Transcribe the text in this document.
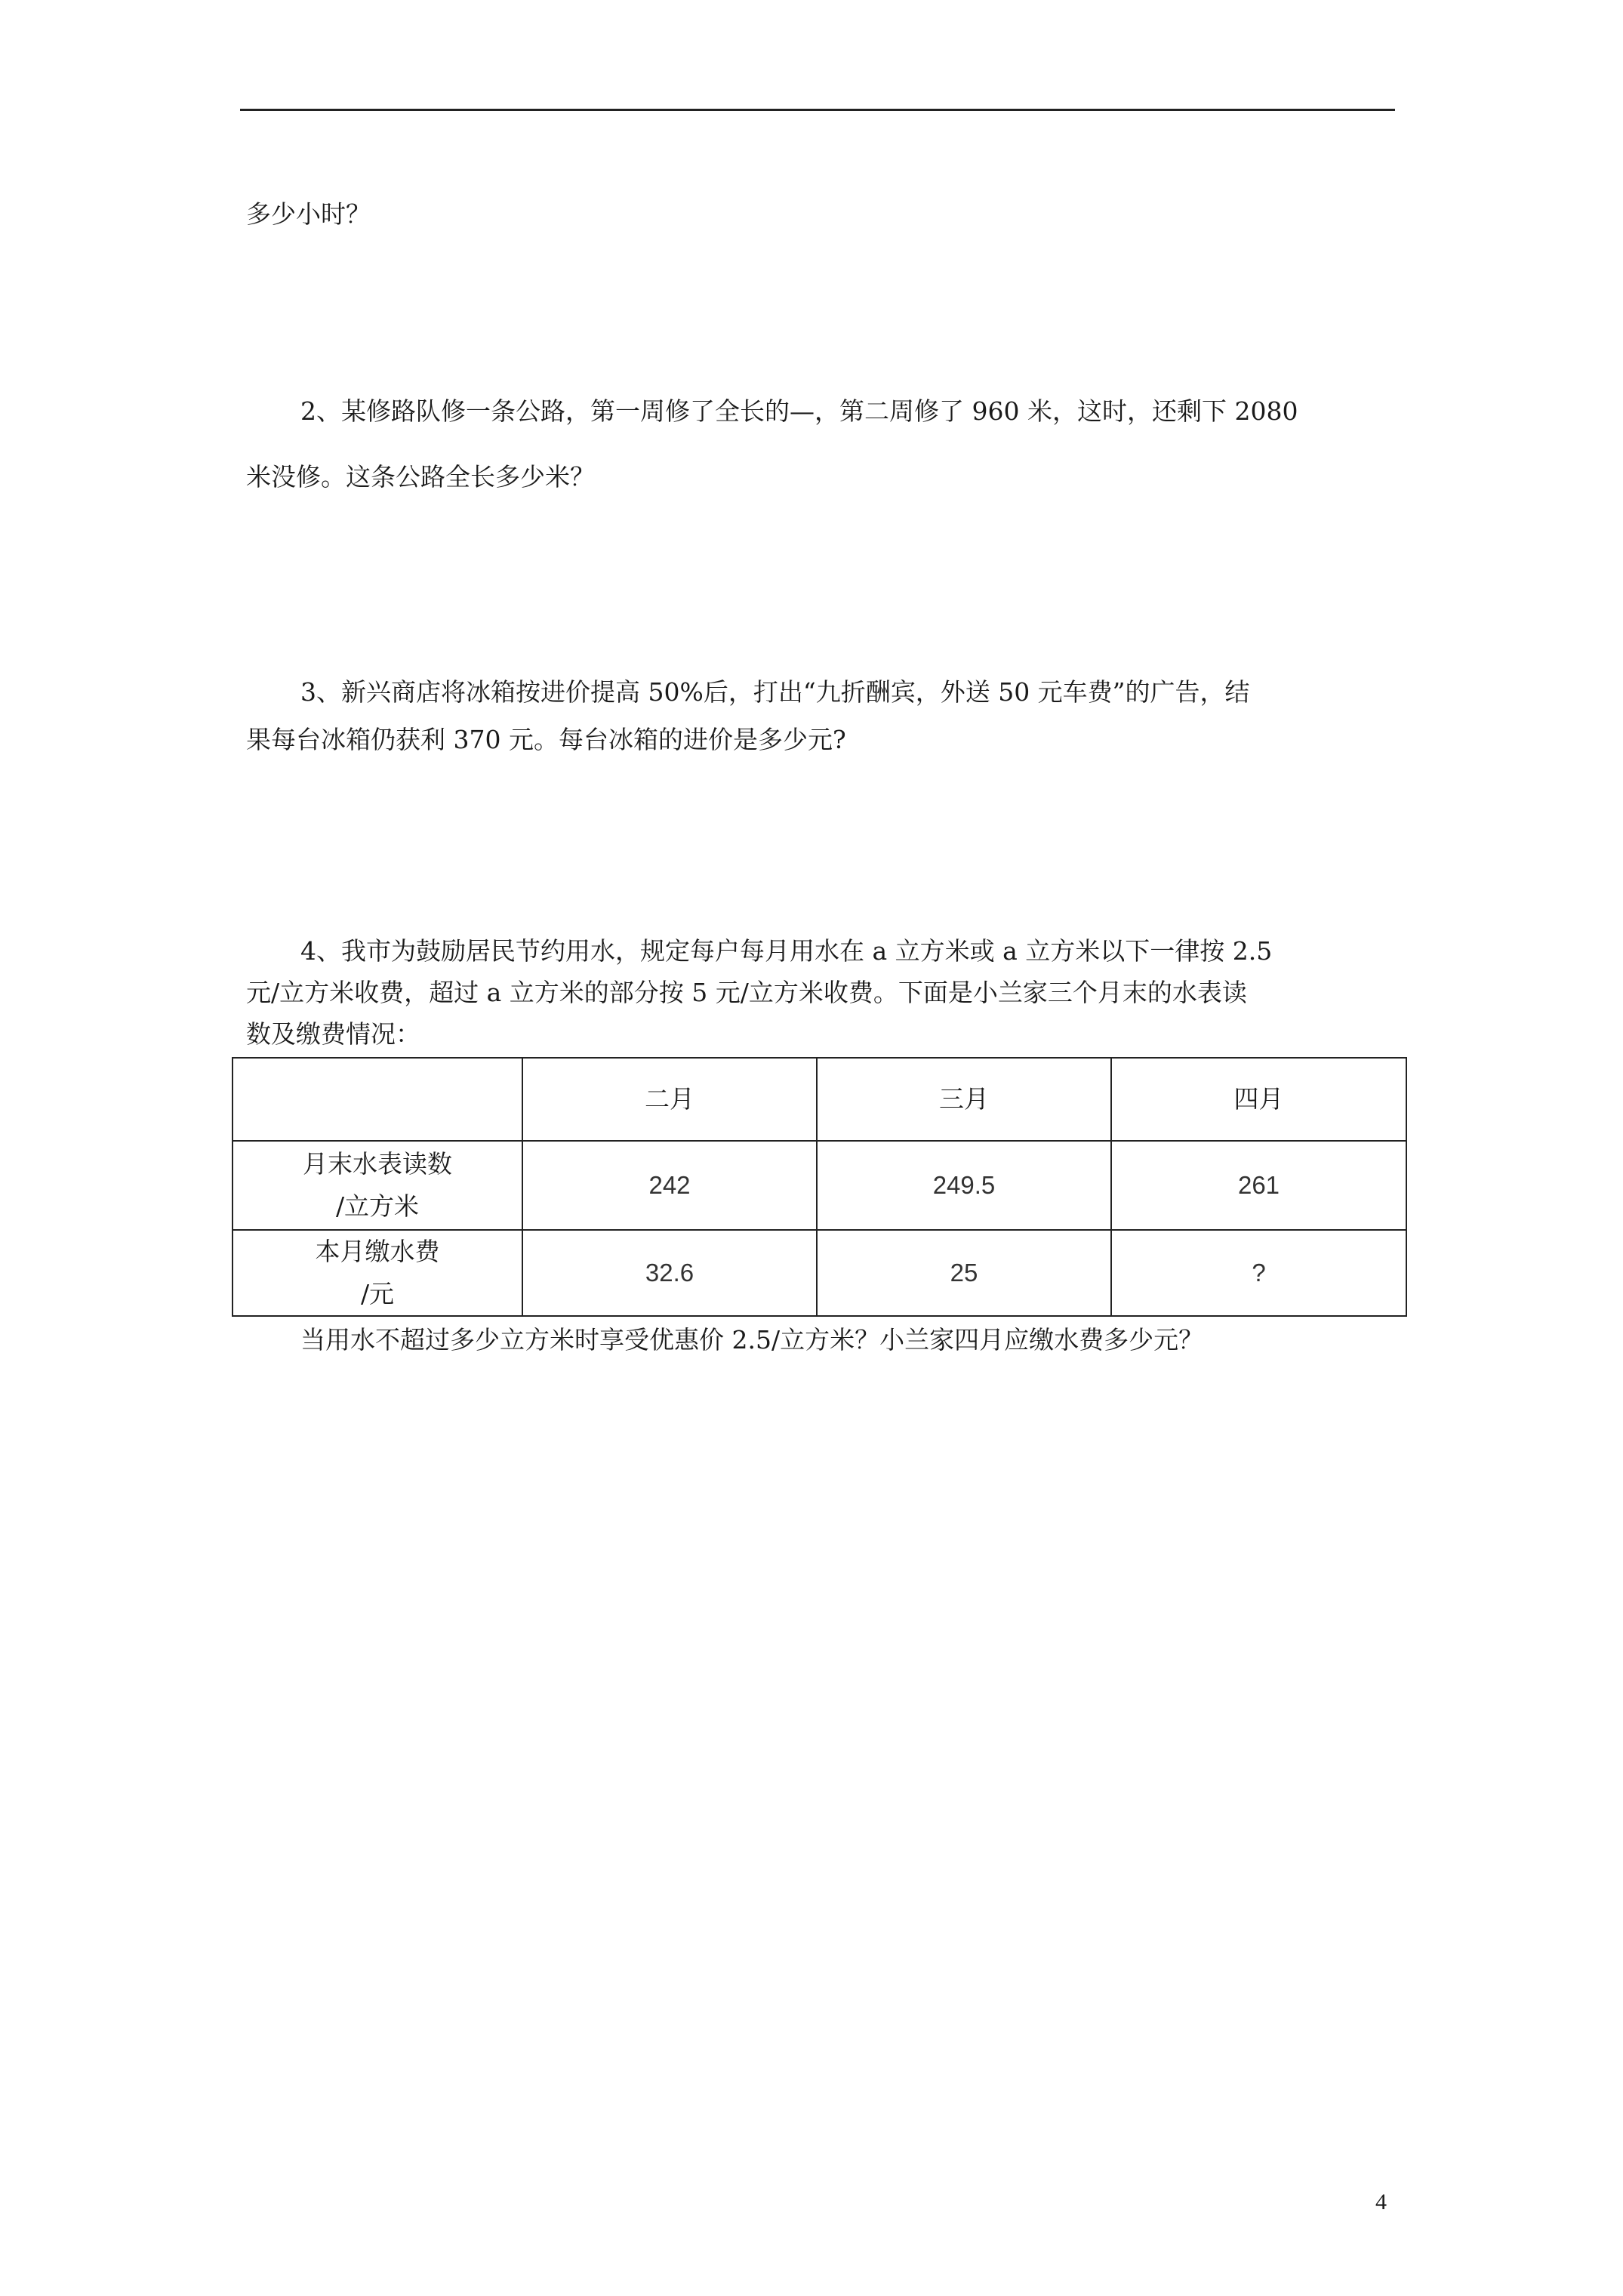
多少小时？
2、某修路队修一条公路，第一周修了全长的—，第二周修了 960 米，这时，还剩下 2080
米没修。这条公路全长多少米？
3、新兴商店将冰箱按进价提高 50%后，打出“九折酬宾，外送 50 元车费”的广告，结
果每台冰箱仍获利 370 元。每台冰箱的进价是多少元?
4、我市为鼓励居民节约用水，规定每户每月用水在 a 立方米或 a 立方米以下一律按 2.5
元/立方米收费，超过 a 立方米的部分按 5 元/立方米收费。下面是小兰家三个月末的水表读
数及缴费情况：
	二月	三月	四月

月末水表读数
/立方米	242	249.5	261

本月缴水费
/元	32.6	25	?
当用水不超过多少立方米时享受优惠价 2.5/立方米？小兰家四月应缴水费多少元？
4
